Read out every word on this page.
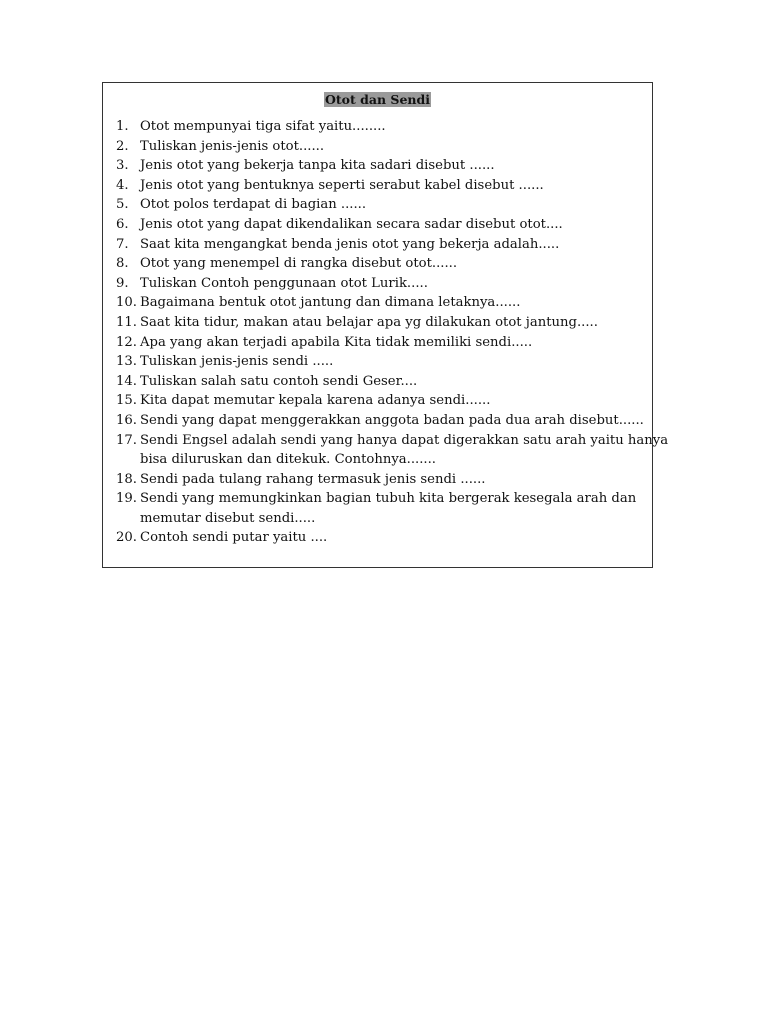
Otot dan Sendi
1. Otot mempunyai tiga sifat yaitu........
2. Tuliskan jenis-jenis otot......
3. Jenis otot yang bekerja tanpa kita sadari disebut ......
4. Jenis otot yang bentuknya seperti serabut kabel disebut ......
5. Otot polos terdapat di bagian ......
6. Jenis otot yang dapat dikendalikan secara sadar disebut otot....
7. Saat kita mengangkat benda jenis otot yang bekerja adalah.....
8. Otot yang menempel di rangka disebut otot......
9. Tuliskan Contoh penggunaan otot Lurik.....
10. Bagaimana bentuk otot jantung dan dimana letaknya......
11. Saat kita tidur, makan atau belajar apa yg dilakukan otot jantung.....
12. Apa yang akan terjadi apabila Kita tidak memiliki sendi.....
13. Tuliskan jenis-jenis sendi .....
14. Tuliskan salah satu contoh sendi Geser....
15. Kita dapat memutar kepala karena adanya sendi......
16. Sendi yang dapat menggerakkan anggota badan pada dua arah disebut......
17. Sendi Engsel adalah sendi yang hanya dapat digerakkan satu arah yaitu hanya
bisa diluruskan dan ditekuk. Contohnya.......
18. Sendi pada tulang rahang termasuk jenis sendi ......
19. Sendi yang memungkinkan bagian tubuh kita bergerak kesegala arah dan
memutar disebut sendi.....
20. Contoh sendi putar yaitu ....
